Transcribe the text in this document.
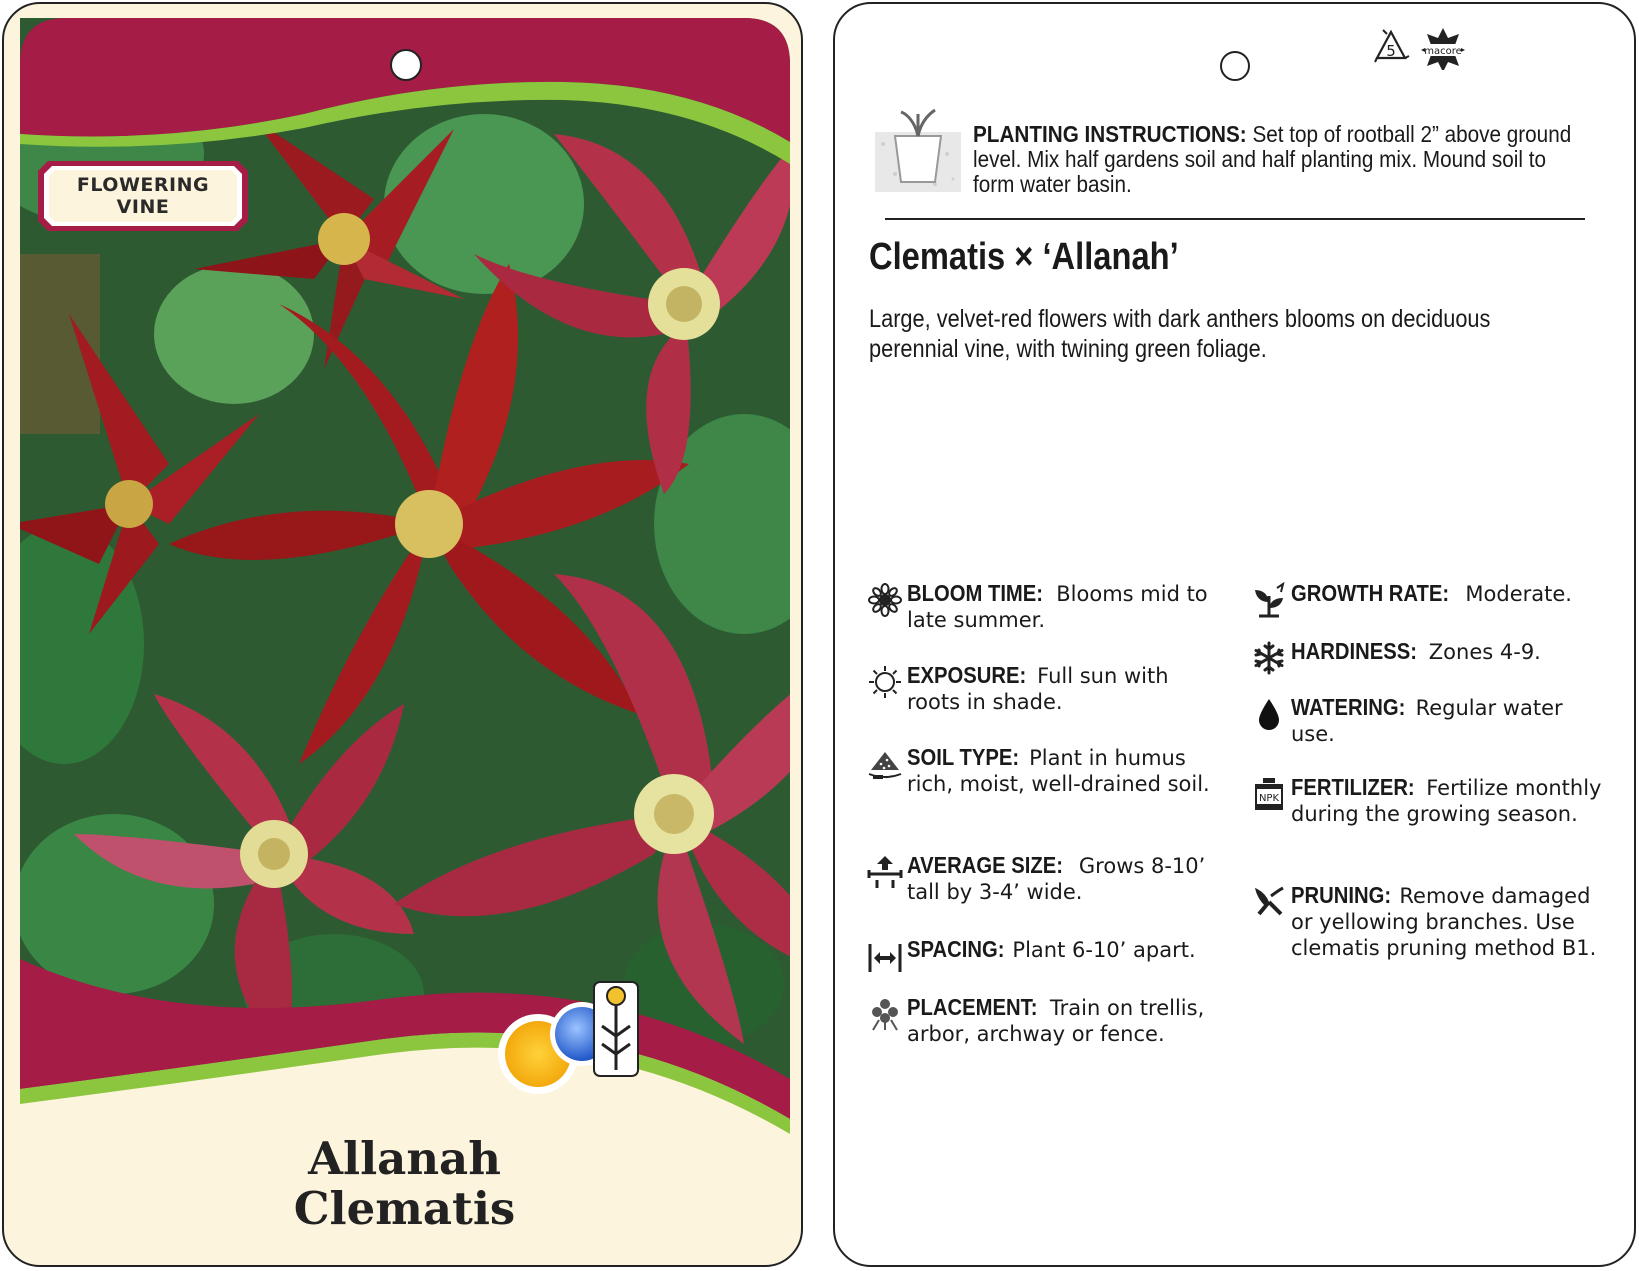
FLOWERING
VINE
Allanah
Clematis
5	macore
PLANTING INSTRUCTIONS: Set top of rootball 2” above ground level. Mix half gardens soil and half planting mix. Mound soil to form water basin.
Clematis × ‘Allanah’
Large, velvet-red flowers with dark anthers blooms on deciduous perennial vine, with twining green foliage.
BLOOM TIME: Blooms mid to late summer.
EXPOSURE: Full sun with roots in shade.
SOIL TYPE: Plant in humus rich, moist, well-drained soil.
AVERAGE SIZE: Grows 8-10’ tall by 3-4’ wide.
SPACING: Plant 6-10’ apart.
PLACEMENT: Train on trellis, arbor, archway or fence.
GROWTH RATE: Moderate.
HARDINESS: Zones 4-9.
WATERING: Regular water use.
NPK FERTILIZER: Fertilize monthly during the growing season.
PRUNING: Remove damaged or yellowing branches. Use clematis pruning method B1.
